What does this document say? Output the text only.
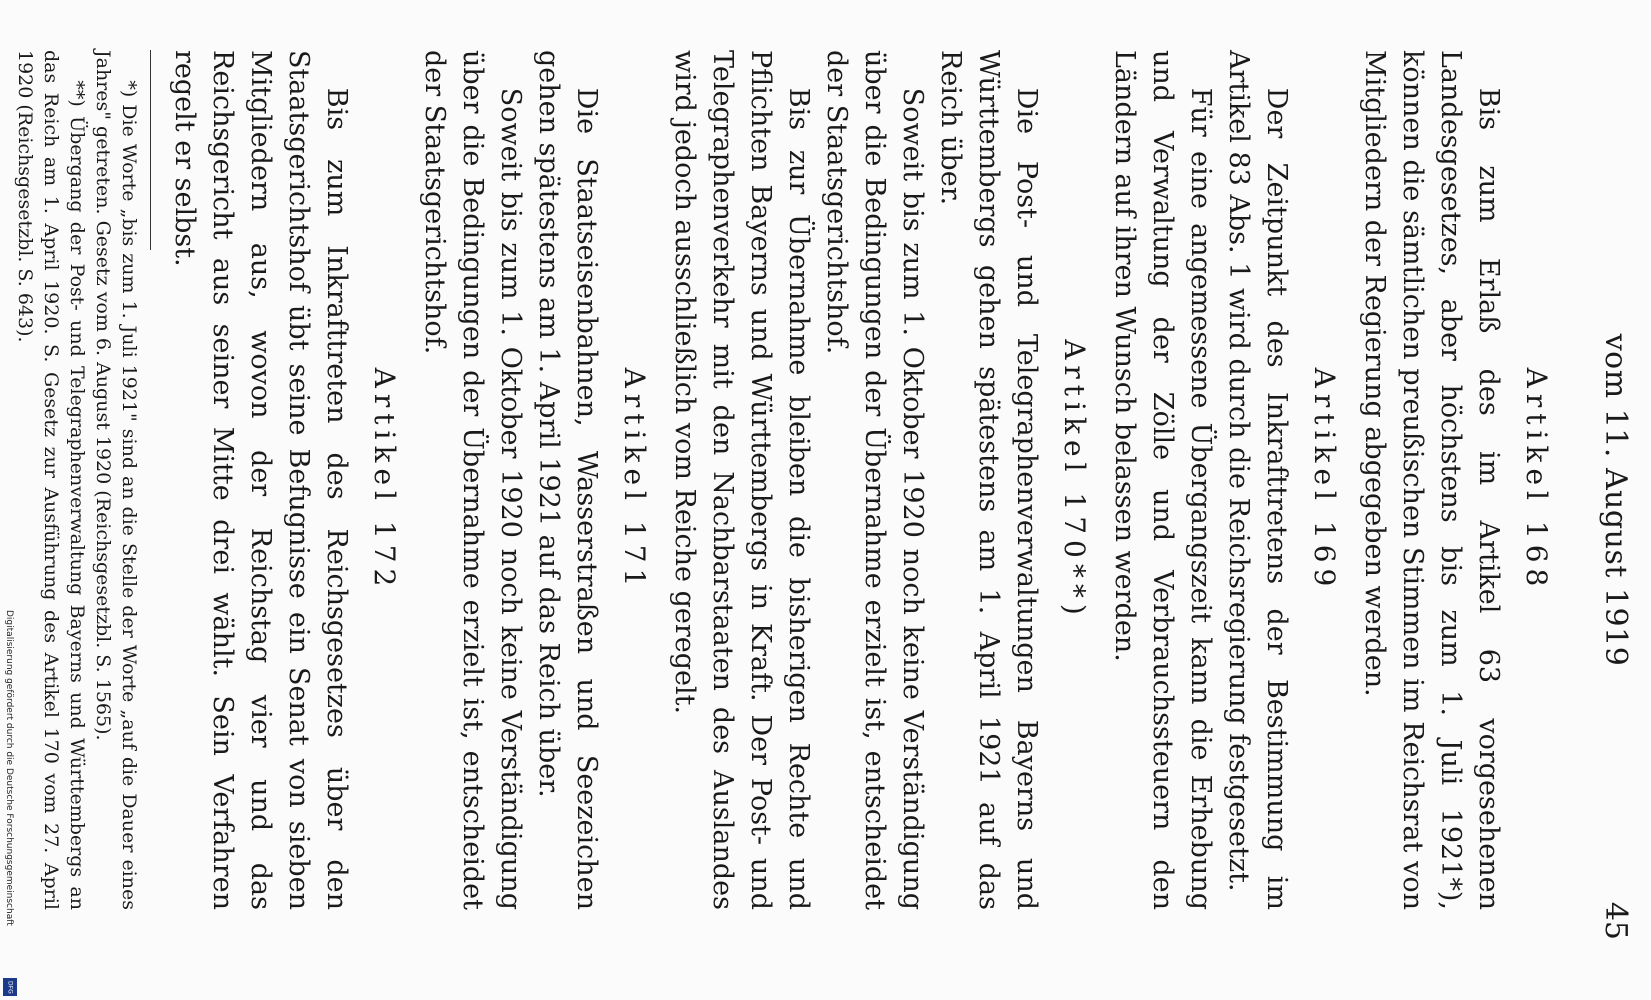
vom 11. August 1919
45
Artikel 168

Bis zum Erlaß des im Artikel 63 vorgesehenen Landesgesetzes, aber höchstens bis zum 1. Juli 1921*), können die sämtlichen preußischen Stimmen im Reichsrat von Mitgliedern der Regierung abgegeben werden.

Artikel 169

Der Zeitpunkt des Inkrafttretens der Bestimmung im Artikel 83 Abs. 1 wird durch die Reichsregierung festgesetzt.

Für eine angemessene Übergangszeit kann die Erhebung und Verwaltung der Zölle und Verbrauchssteuern den Ländern auf ihren Wunsch belassen werden.

Artikel 170**)

Die Post- und Telegraphenverwaltungen Bayerns und Württembergs gehen spätestens am 1. April 1921 auf das Reich über.

Soweit bis zum 1. Oktober 1920 noch keine Verständigung über die Bedingungen der Übernahme erzielt ist, entscheidet der Staatsgerichtshof.

Bis zur Übernahme bleiben die bisherigen Rechte und Pflichten Bayerns und Württembergs in Kraft. Der Post- und Telegraphenverkehr mit den Nachbarstaaten des Auslandes wird jedoch ausschließlich vom Reiche geregelt.

Artikel 171

Die Staatseisenbahnen, Wasserstraßen und Seezeichen gehen spätestens am 1. April 1921 auf das Reich über.

Soweit bis zum 1. Oktober 1920 noch keine Verständigung über die Bedingungen der Übernahme erzielt ist, entscheidet der Staatsgerichtshof.

Artikel 172

Bis zum Inkrafttreten des Reichsgesetzes über den Staatsgerichtshof übt seine Befugnisse ein Senat von sieben Mitgliedern aus, wovon der Reichstag vier und das Reichsgericht aus seiner Mitte drei wählt. Sein Verfahren regelt er selbst.

*) Die Worte „bis zum 1. Juli 1921" sind an die Stelle der Worte „auf die Dauer eines Jahres" getreten. Gesetz vom 6. August 1920 (Reichsgesetzbl. S. 1565).

**) Übergang der Post- und Telegraphenverwaltung Bayerns und Württembergs an das Reich am 1. April 1920. S. Gesetz zur Ausführung des Artikel 170 vom 27. April 1920 (Reichsgesetzbl. S. 643).

Digitalisierung gefördert durch die Deutsche Forschungsgemeinschaft
DFG
